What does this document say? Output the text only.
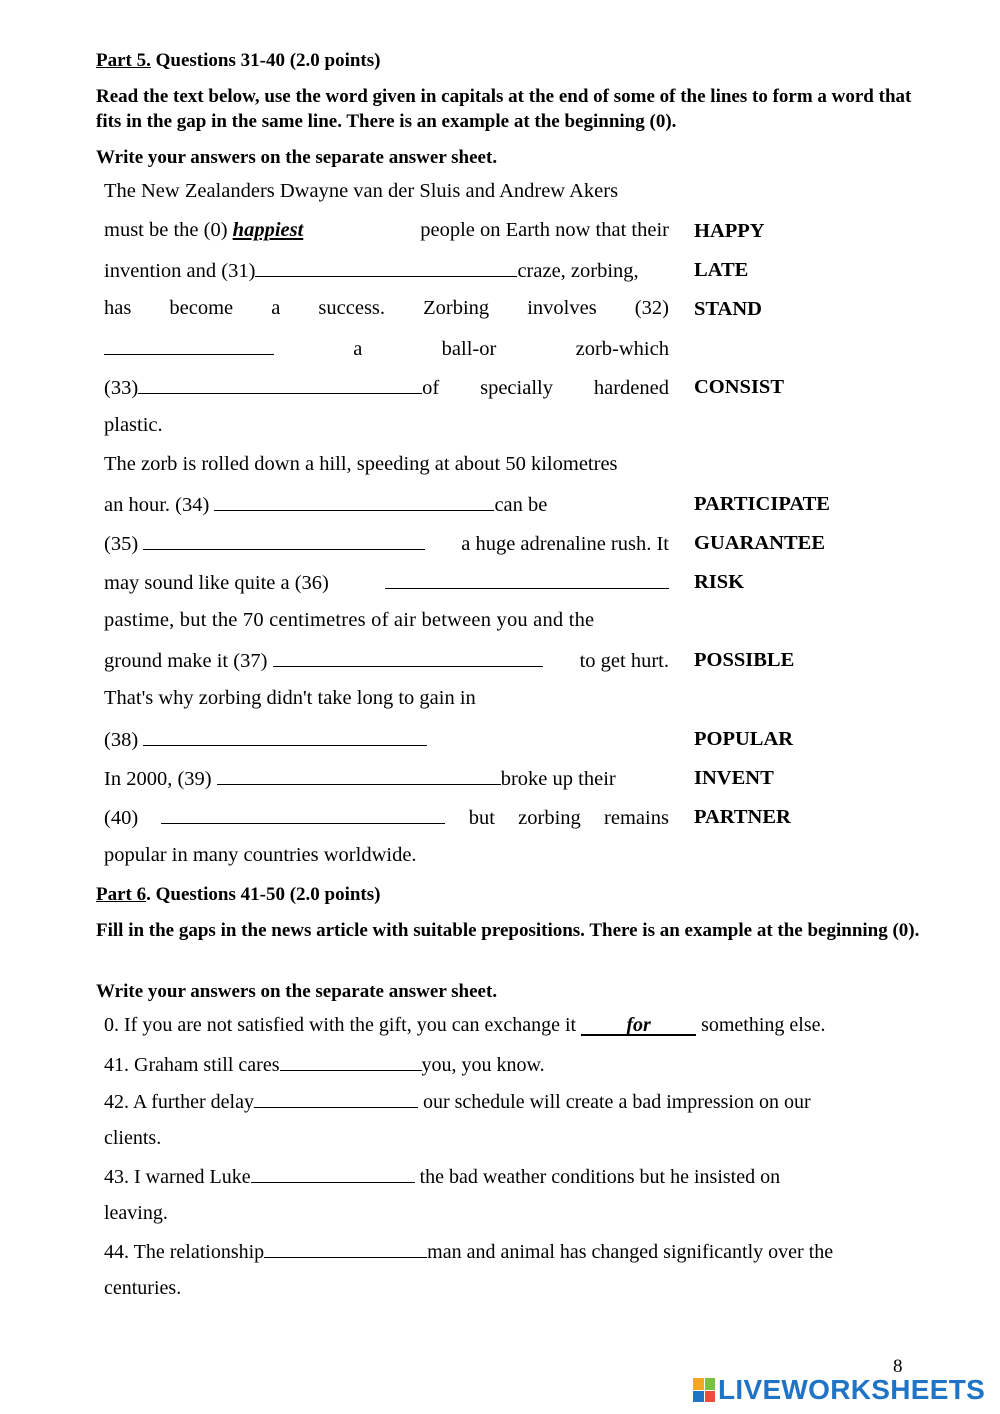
Part 5. Questions 31-40 (2.0 points)
Read the text below, use the word given in capitals at the end of some of the lines to form a word that fits in the gap in the same line. There is an example at the beginning (0).
Write your answers on the separate answer sheet.
The New Zealanders Dwayne van der Sluis and Andrew Akers
must be the (0) happiest	people on Earth now that their HAPPY
invention and (31)	craze, zorbing,	LATE
has become a success. Zorbing involves (32) STAND
a	ball-or	zorb-which
(33)	of specially hardened CONSIST
plastic.
The zorb is rolled down a hill, speeding at about 50 kilometres
an hour. (34)	can be	PARTICIPATE
(35)	a huge adrenaline rush. It GUARANTEE
may sound like quite a (36)	RISK
pastime, but the 70 centimetres of air between you and the
ground make it (37)	to get hurt. POSSIBLE
That's why zorbing didn't take long to gain in
(38)	POPULAR
In 2000, (39)	broke up their	INVENT
(40)	but zorbing remains PARTNER
popular in many countries worldwide.
Part 6. Questions 41-50 (2.0 points)
Fill in the gaps in the news article with suitable prepositions. There is an example at the beginning (0).
Write your answers on the separate answer sheet.
0. If you are not satisfied with the gift, you can exchange it	for	something else.
41. Graham still cares	you, you know.
42. A further delay	our schedule will create a bad impression on our
clients.
43. I warned Luke	the bad weather conditions but he insisted on
leaving.
44. The relationship	man and animal has changed significantly over the
centuries.
8
LIVEWORKSHEETS
